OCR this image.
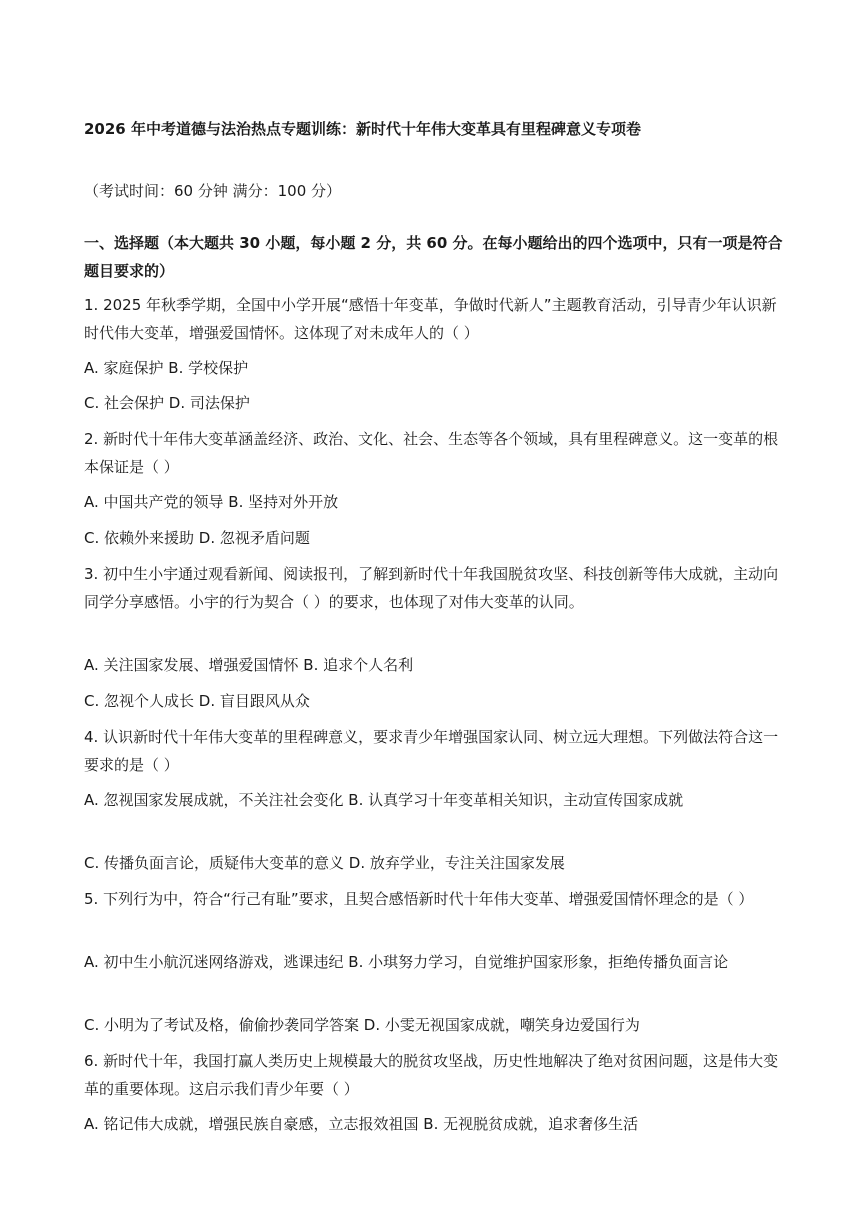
2026 年中考道德与法治热点专题训练：新时代十年伟大变革具有里程碑意义专项卷
（考试时间：60 分钟 满分：100 分）
一、选择题（本大题共 30 小题，每小题 2 分，共 60 分。在每小题给出的四个选项中，只有一项是符合题目要求的）
1. 2025 年秋季学期，全国中小学开展“感悟十年变革，争做时代新人”主题教育活动，引导青少年认识新时代伟大变革，增强爱国情怀。这体现了对未成年人的（ ）
A. 家庭保护 B. 学校保护
C. 社会保护 D. 司法保护
2. 新时代十年伟大变革涵盖经济、政治、文化、社会、生态等各个领域，具有里程碑意义。这一变革的根本保证是（ ）
A. 中国共产党的领导 B. 坚持对外开放
C. 依赖外来援助 D. 忽视矛盾问题
3. 初中生小宇通过观看新闻、阅读报刊，了解到新时代十年我国脱贫攻坚、科技创新等伟大成就，主动向同学分享感悟。小宇的行为契合（ ）的要求，也体现了对伟大变革的认同。
A. 关注国家发展、增强爱国情怀 B. 追求个人名利
C. 忽视个人成长 D. 盲目跟风从众
4. 认识新时代十年伟大变革的里程碑意义，要求青少年增强国家认同、树立远大理想。下列做法符合这一要求的是（ ）
A. 忽视国家发展成就，不关注社会变化 B. 认真学习十年变革相关知识，主动宣传国家成就
C. 传播负面言论，质疑伟大变革的意义 D. 放弃学业，专注关注国家发展
5. 下列行为中，符合“行己有耻”要求，且契合感悟新时代十年伟大变革、增强爱国情怀理念的是（ ）
A. 初中生小航沉迷网络游戏，逃课违纪 B. 小琪努力学习，自觉维护国家形象，拒绝传播负面言论
C. 小明为了考试及格，偷偷抄袭同学答案 D. 小雯无视国家成就，嘲笑身边爱国行为
6. 新时代十年，我国打赢人类历史上规模最大的脱贫攻坚战，历史性地解决了绝对贫困问题，这是伟大变革的重要体现。这启示我们青少年要（ ）
A. 铭记伟大成就，增强民族自豪感，立志报效祖国 B. 无视脱贫成就，追求奢侈生活
